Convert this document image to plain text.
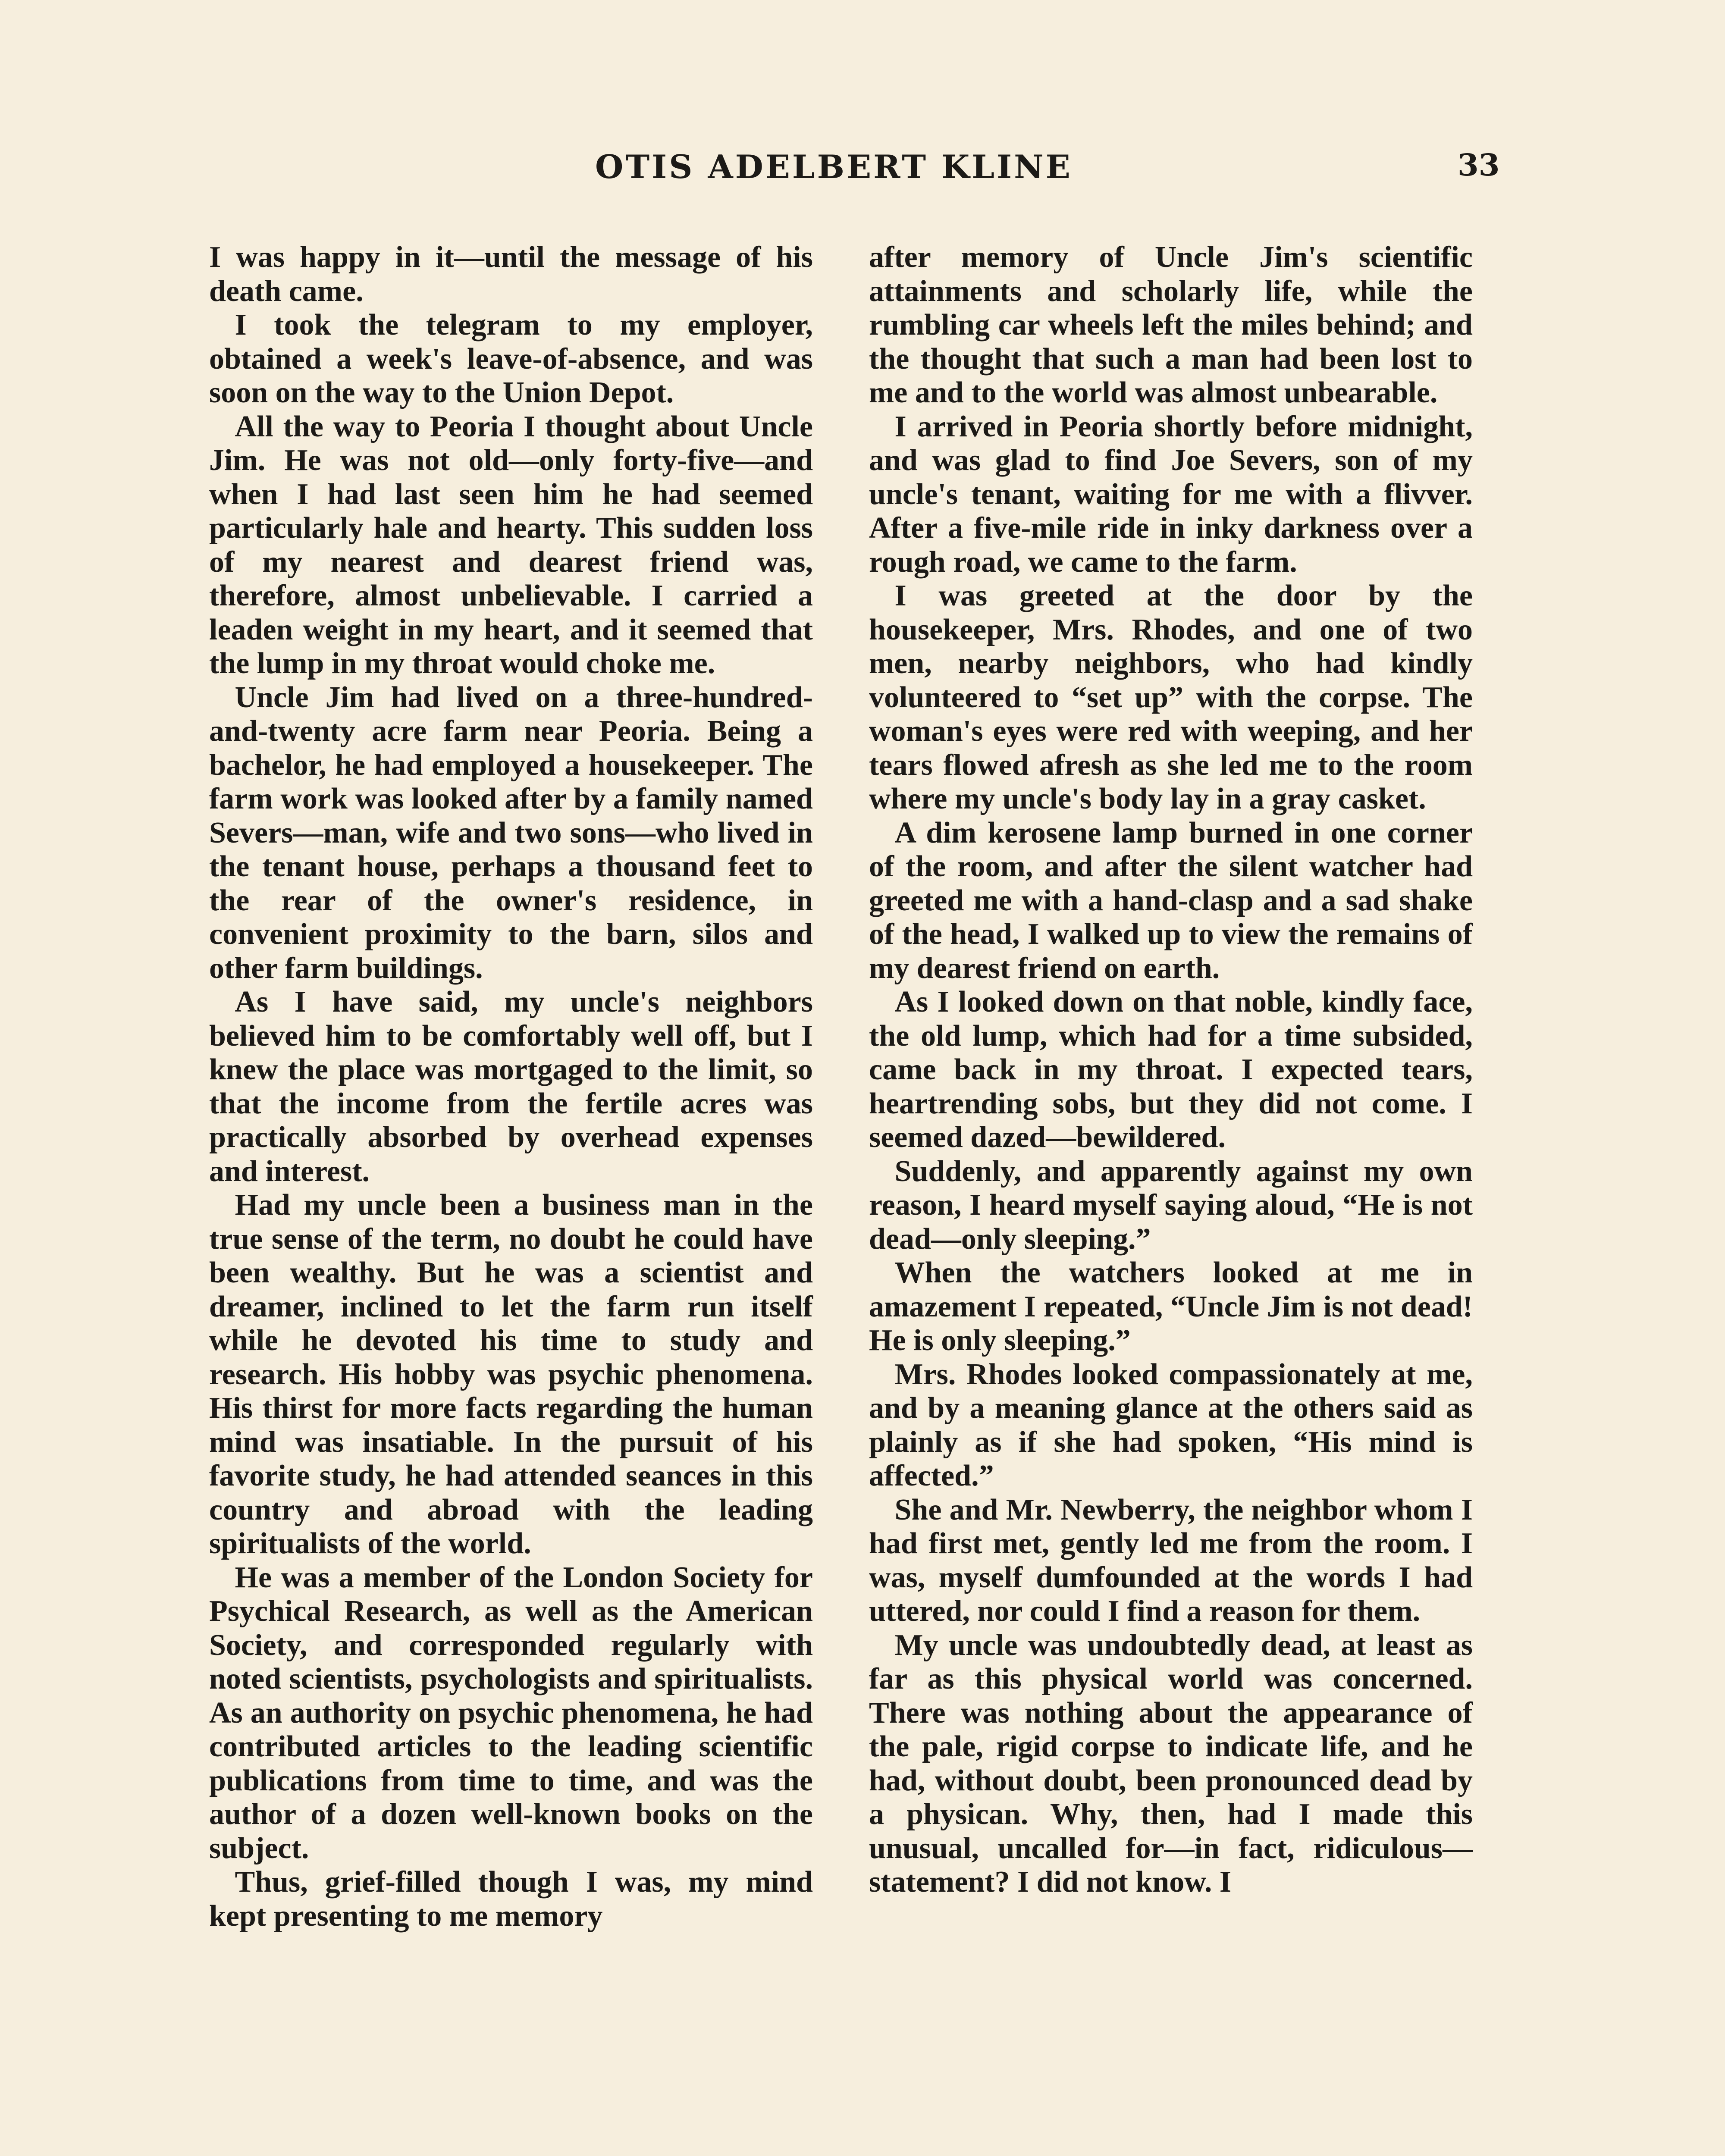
OTIS ADELBERT KLINE	33

I was happy in it—until the message of his death came.

I took the telegram to my employer, obtained a week's leave-of-absence, and was soon on the way to the Union Depot.

All the way to Peoria I thought about Uncle Jim. He was not old—only forty-five—and when I had last seen him he had seemed particularly hale and hearty. This sudden loss of my nearest and dearest friend was, therefore, almost unbelievable. I carried a leaden weight in my heart, and it seemed that the lump in my throat would choke me.

Uncle Jim had lived on a three-hundred-and-twenty acre farm near Peoria. Being a bachelor, he had employed a housekeeper. The farm work was looked after by a family named Severs—man, wife and two sons—who lived in the tenant house, perhaps a thousand feet to the rear of the owner's residence, in convenient proximity to the barn, silos and other farm buildings.

As I have said, my uncle's neighbors believed him to be comfortably well off, but I knew the place was mortgaged to the limit, so that the income from the fertile acres was practically absorbed by overhead expenses and interest.

Had my uncle been a business man in the true sense of the term, no doubt he could have been wealthy. But he was a scientist and dreamer, inclined to let the farm run itself while he devoted his time to study and research. His hobby was psychic phenomena. His thirst for more facts regarding the human mind was insatiable. In the pursuit of his favorite study, he had attended seances in this country and abroad with the leading spiritualists of the world.

He was a member of the London Society for Psychical Research, as well as the American Society, and corresponded regularly with noted scientists, psychologists and spiritualists. As an authority on psychic phenomena, he had contributed articles to the leading scientific publications from time to time, and was the author of a dozen well-known books on the subject.

Thus, grief-filled though I was, my mind kept presenting to me memory

after memory of Uncle Jim's scientific attainments and scholarly life, while the rumbling car wheels left the miles behind; and the thought that such a man had been lost to me and to the world was almost unbearable.

I arrived in Peoria shortly before midnight, and was glad to find Joe Severs, son of my uncle's tenant, waiting for me with a flivver. After a five-mile ride in inky darkness over a rough road, we came to the farm.

I was greeted at the door by the housekeeper, Mrs. Rhodes, and one of two men, nearby neighbors, who had kindly volunteered to “set up” with the corpse. The woman's eyes were red with weeping, and her tears flowed afresh as she led me to the room where my uncle's body lay in a gray casket.

A dim kerosene lamp burned in one corner of the room, and after the silent watcher had greeted me with a hand-clasp and a sad shake of the head, I walked up to view the remains of my dearest friend on earth.

As I looked down on that noble, kindly face, the old lump, which had for a time subsided, came back in my throat. I expected tears, heartrending sobs, but they did not come. I seemed dazed—bewildered.

Suddenly, and apparently against my own reason, I heard myself saying aloud, “He is not dead—only sleeping.”

When the watchers looked at me in amazement I repeated, “Uncle Jim is not dead! He is only sleeping.”

Mrs. Rhodes looked compassionately at me, and by a meaning glance at the others said as plainly as if she had spoken, “His mind is affected.”

She and Mr. Newberry, the neighbor whom I had first met, gently led me from the room. I was, myself dumfounded at the words I had uttered, nor could I find a reason for them.

My uncle was undoubtedly dead, at least as far as this physical world was concerned. There was nothing about the appearance of the pale, rigid corpse to indicate life, and he had, without doubt, been pronounced dead by a physican. Why, then, had I made this unusual, uncalled for—in fact, ridiculous—statement? I did not know. I
